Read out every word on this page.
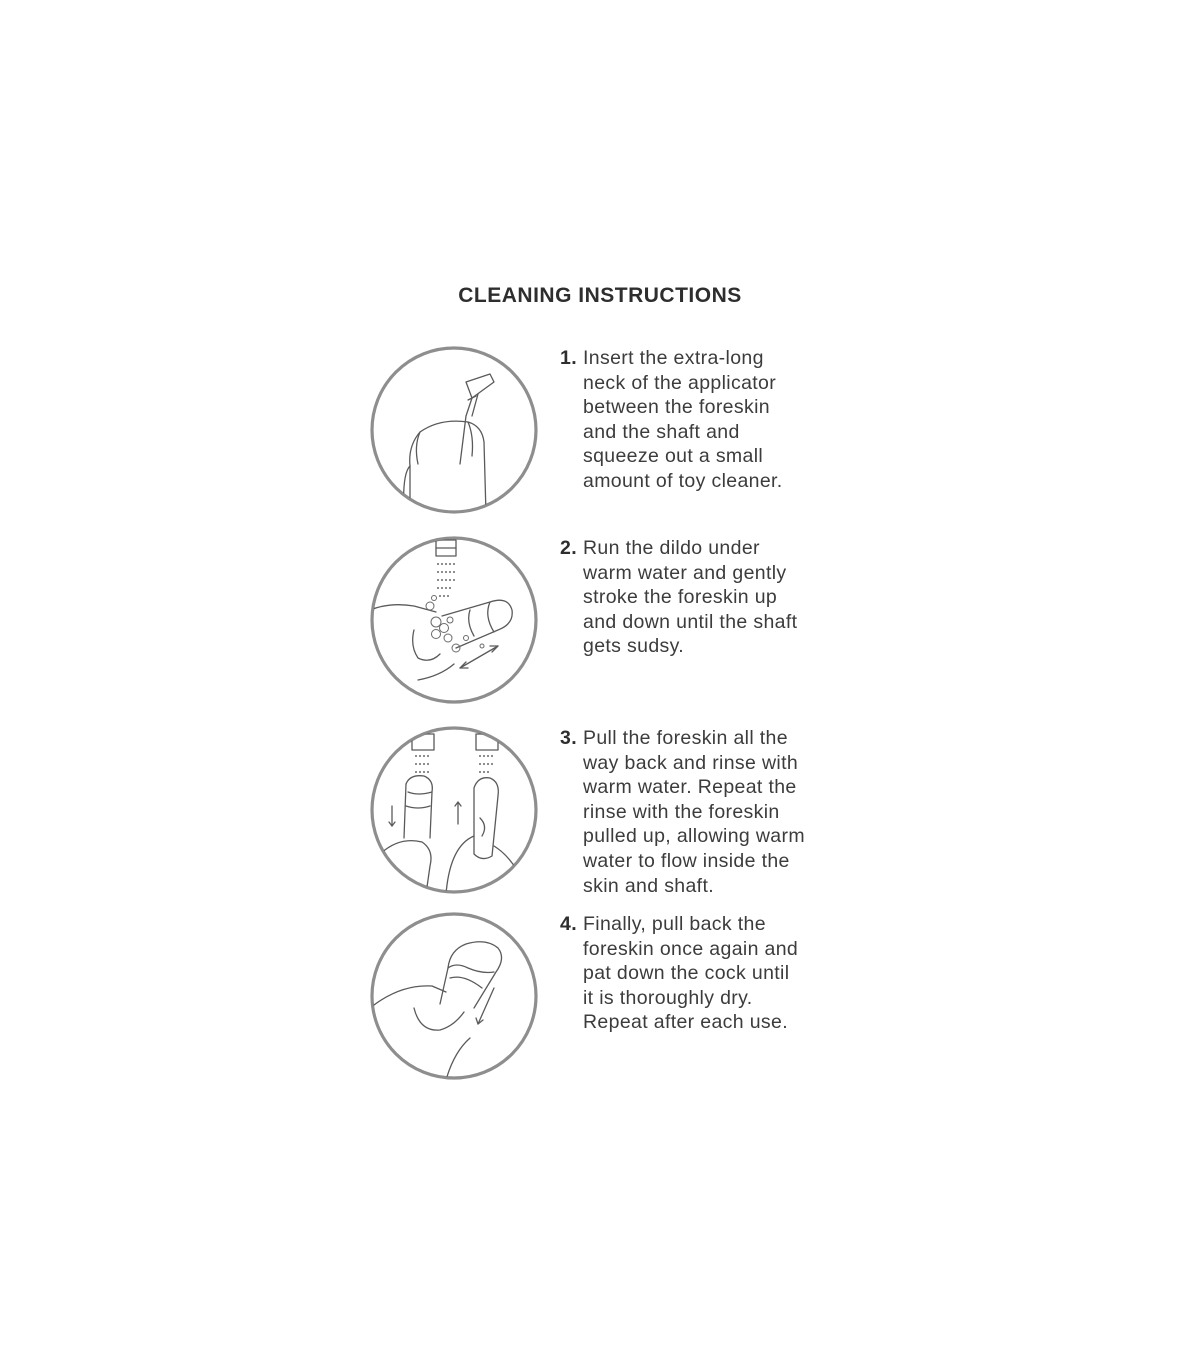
CLEANING INSTRUCTIONS
1. Insert the extra-long
neck of the applicator
between the foreskin
and the shaft and
squeeze out a small
amount of toy cleaner.
2. Run the dildo under
warm water and gently
stroke the foreskin up
and down until the shaft
gets sudsy.
3. Pull the foreskin all the
way back and rinse with
warm water. Repeat the
rinse with the foreskin
pulled up, allowing warm
water to flow inside the
skin and shaft.
4. Finally, pull back the
foreskin once again and
pat down the cock until
it is thoroughly dry.
Repeat after each use.
